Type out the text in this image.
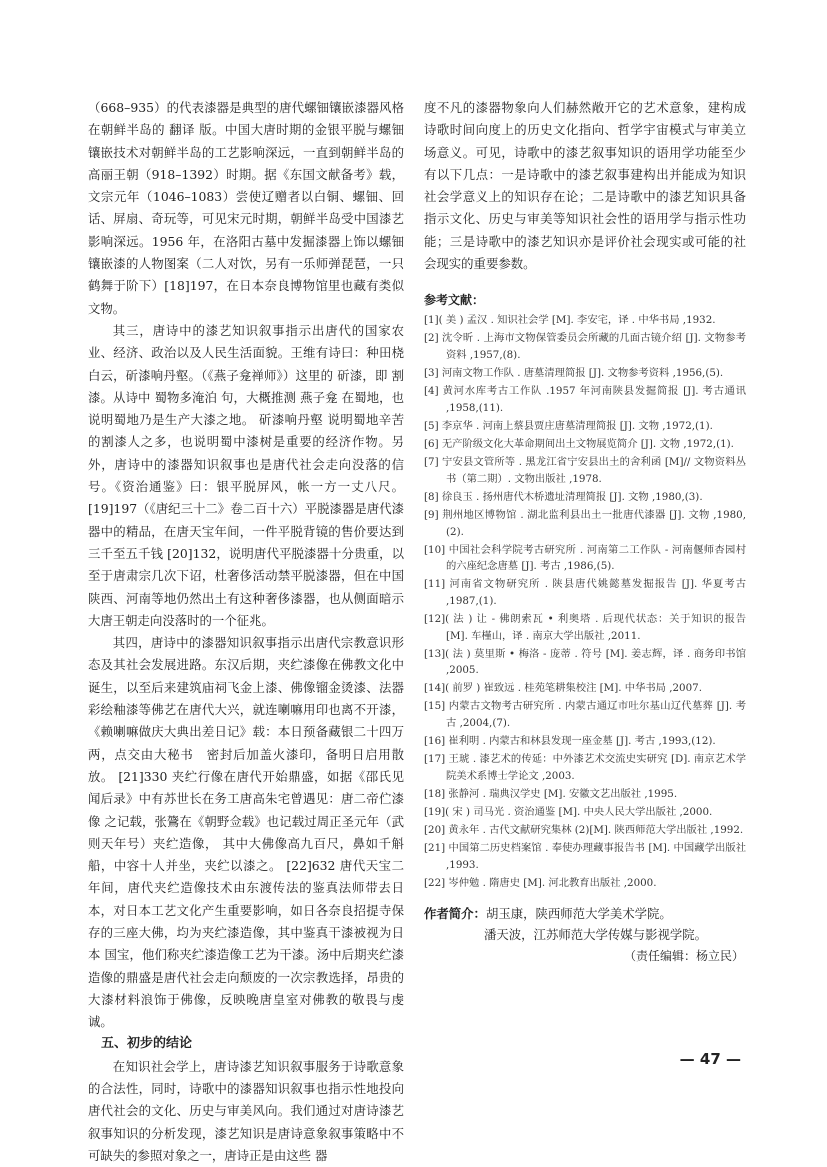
（668–935）的代表漆器是典型的唐代螺钿镶嵌漆器风格在朝鲜半岛的 翻译 版。中国大唐时期的金银平脱与螺钿镶嵌技术对朝鲜半岛的工艺影响深远，一直到朝鲜半岛的高丽王朝（918–1392）时期。据《东国文献备考》载，文宗元年（1046–1083）尝使辽赠者以白铜、螺钿、回话、屏扇、奇玩等，可见宋元时期，朝鲜半岛受中国漆艺影响深远。1956 年，在洛阳古墓中发掘漆器上饰以螺钿镶嵌漆的人物图案（二人对饮，另有一乐师弹琵琶，一只鹤舞于阶下）[18]197，在日本奈良博物馆里也藏有类似文物。

其三，唐诗中的漆艺知识叙事指示出唐代的国家农业、经济、政治以及人民生活面貌。王维有诗曰：种田桡白云，斫漆响丹壑。（《燕子龛禅师》）这里的 斫漆，即 割漆。从诗中 蜀物多淹泊 句，大概推测 燕子龛 在蜀地，也说明蜀地乃是生产大漆之地。 斫漆响丹壑 说明蜀地辛苦的割漆人之多，也说明蜀中漆树是重要的经济作物。另外，唐诗中的漆器知识叙事也是唐代社会走向没落的信号。《资治通鉴》曰：银平脱屏风，帐一方一丈八尺。 [19]197（《唐纪三十二》卷二百十六）平脱漆器是唐代漆器中的精品，在唐天宝年间，一件平脱背镜的售价要达到三千至五千钱 [20]132，说明唐代平脱漆器十分贵重，以至于唐肃宗几次下诏，杜奢侈活动禁平脱漆器，但在中国陕西、河南等地仍然出土有这种奢侈漆器，也从侧面暗示大唐王朝走向没落时的一个征兆。

其四，唐诗中的漆器知识叙事指示出唐代宗教意识形态及其社会发展进路。东汉后期，夹纻漆像在佛教文化中诞生，以至后来建筑庙祠飞金上漆、佛像镏金烫漆、法器彩绘釉漆等佛艺在唐代大兴，就连喇嘛用印也离不开漆，《赖喇嘛做庆大典出差日记》载：本日预备藏银二十四万两，点交由大秘书　密封后加盖火漆印，备明日启用散放。 [21]330 夹纻行像在唐代开始鼎盛，如据《邵氏见闻后录》中有苏世长在务工唐高朱宅曾遇见：唐二帝伫漆像 之记载，张鷟在《朝野佥载》也记载过周正圣元年（武则天年号）夹纻造像， 其中大佛像高九百尺，鼻如千斛船，中容十人并坐，夹纻以漆之。 [22]632 唐代天宝二年间，唐代夹纻造像技术由东渡传法的鉴真法师带去日本，对日本工艺文化产生重要影响，如日各奈良招提寺保存的三座大佛，均为夹纻漆造像，其中鉴真干漆被视为日本 国宝，他们称夹纻漆造像工艺为干漆。汤中后期夹纻漆造像的鼎盛是唐代社会走向颓废的一次宗教选择，昂贵的大漆材料浪饰于佛像，反映晚唐皇室对佛教的敬畏与虔诚。

五、初步的结论

在知识社会学上，唐诗漆艺知识叙事服务于诗歌意象的合法性，同时，诗歌中的漆器知识叙事也指示性地投向唐代社会的文化、历史与审美风向。我们通过对唐诗漆艺叙事知识的分析发现，漆艺知识是唐诗意象叙事策略中不可缺失的参照对象之一，唐诗正是由这些 器

度不凡的漆器物象向人们赫然敞开它的艺术意象，建构成诗歌时间向度上的历史文化指向、哲学宇宙模式与审美立场意义。可见，诗歌中的漆艺叙事知识的语用学功能至少有以下几点：一是诗歌中的漆艺叙事建构出并能成为知识社会学意义上的知识存在论；二是诗歌中的漆艺知识具备指示文化、历史与审美等知识社会性的语用学与指示性功能；三是诗歌中的漆艺知识亦是评价社会现实或可能的社会现实的重要参数。

参考文献：
[1]( 美 ) 孟汉 . 知识社会学 [M]. 李安宅，译 . 中华书局 ,1932.
[2] 沈令昕 . 上海市文物保管委员会所藏的几面古镜介绍 [J]. 文物参考资料 ,1957,(8).
[3] 河南文物工作队 . 唐墓清理简报 [J]. 文物参考资料 ,1956,(5).
[4] 黄河水库考古工作队 .1957 年河南陕县发掘简报 [J]. 考古通讯 ,1958,(11).
[5] 李京华 . 河南上蔡县贾庄唐墓清理简报 [J]. 文物 ,1972,(1).
[6] 无产阶级文化大革命期间出土文物展览简介 [J]. 文物 ,1972,(1).
[7] 宁安县文管所等 . 黑龙江省宁安县出土的舍利函 [M]// 文物资料丛书（第二期）. 文物出版社 ,1978.
[8] 徐良玉 . 扬州唐代木桥遗址清理简报 [J]. 文物 ,1980,(3).
[9] 荆州地区博物馆 . 湖北监利县出土一批唐代漆器 [J]. 文物 ,1980,(2).
[10] 中国社会科学院考古研究所 . 河南第二工作队 - 河南偃师杏园村的六座纪念唐墓 [J]. 考古 ,1986,(5).
[11] 河南省文物研究所 . 陕县唐代姚懿墓发掘报告 [J]. 华夏考古 ,1987,(1).
[12]( 法 ) 让 - 佛朗索瓦 • 利奥塔 . 后现代状态：关于知识的报告 [M]. 车槿山，译 . 南京大学出版社 ,2011.
[13]( 法 ) 莫里斯 • 梅洛 - 庞蒂 . 符号 [M]. 姜志辉，译 . 商务印书馆 ,2005.
[14]( 前罗 ) 崔致远 . 桂苑笔耕集校注 [M]. 中华书局 ,2007.
[15] 内蒙古文物考古研究所 . 内蒙古通辽市吐尔基山辽代墓葬 [J]. 考古 ,2004,(7).
[16] 崔利明 . 内蒙古和林县发现一座金墓 [J]. 考古 ,1993,(12).
[17] 王琥 . 漆艺术的传延：中外漆艺术交流史实研究 [D]. 南京艺术学院美术系博士学论文 ,2003.
[18] 张静河 . 瑞典汉学史 [M]. 安徽文艺出版社 ,1995.
[19]( 宋 ) 司马光 . 资治通鉴 [M]. 中央人民大学出版社 ,2000.
[20] 黄永年 . 古代文献研究集林 (2)[M]. 陕西师范大学出版社 ,1992.
[21] 中国第二历史档案馆 . 奉使办理藏事报告书 [M]. 中国藏学出版社 ,1993.
[22] 岑仲勉 . 隋唐史 [M]. 河北教育出版社 ,2000.
作者简介：胡玉康，陕西师范大学美术学院。
潘天波，江苏师范大学传媒与影视学院。
（责任编辑：杨立民）
— 47 —
